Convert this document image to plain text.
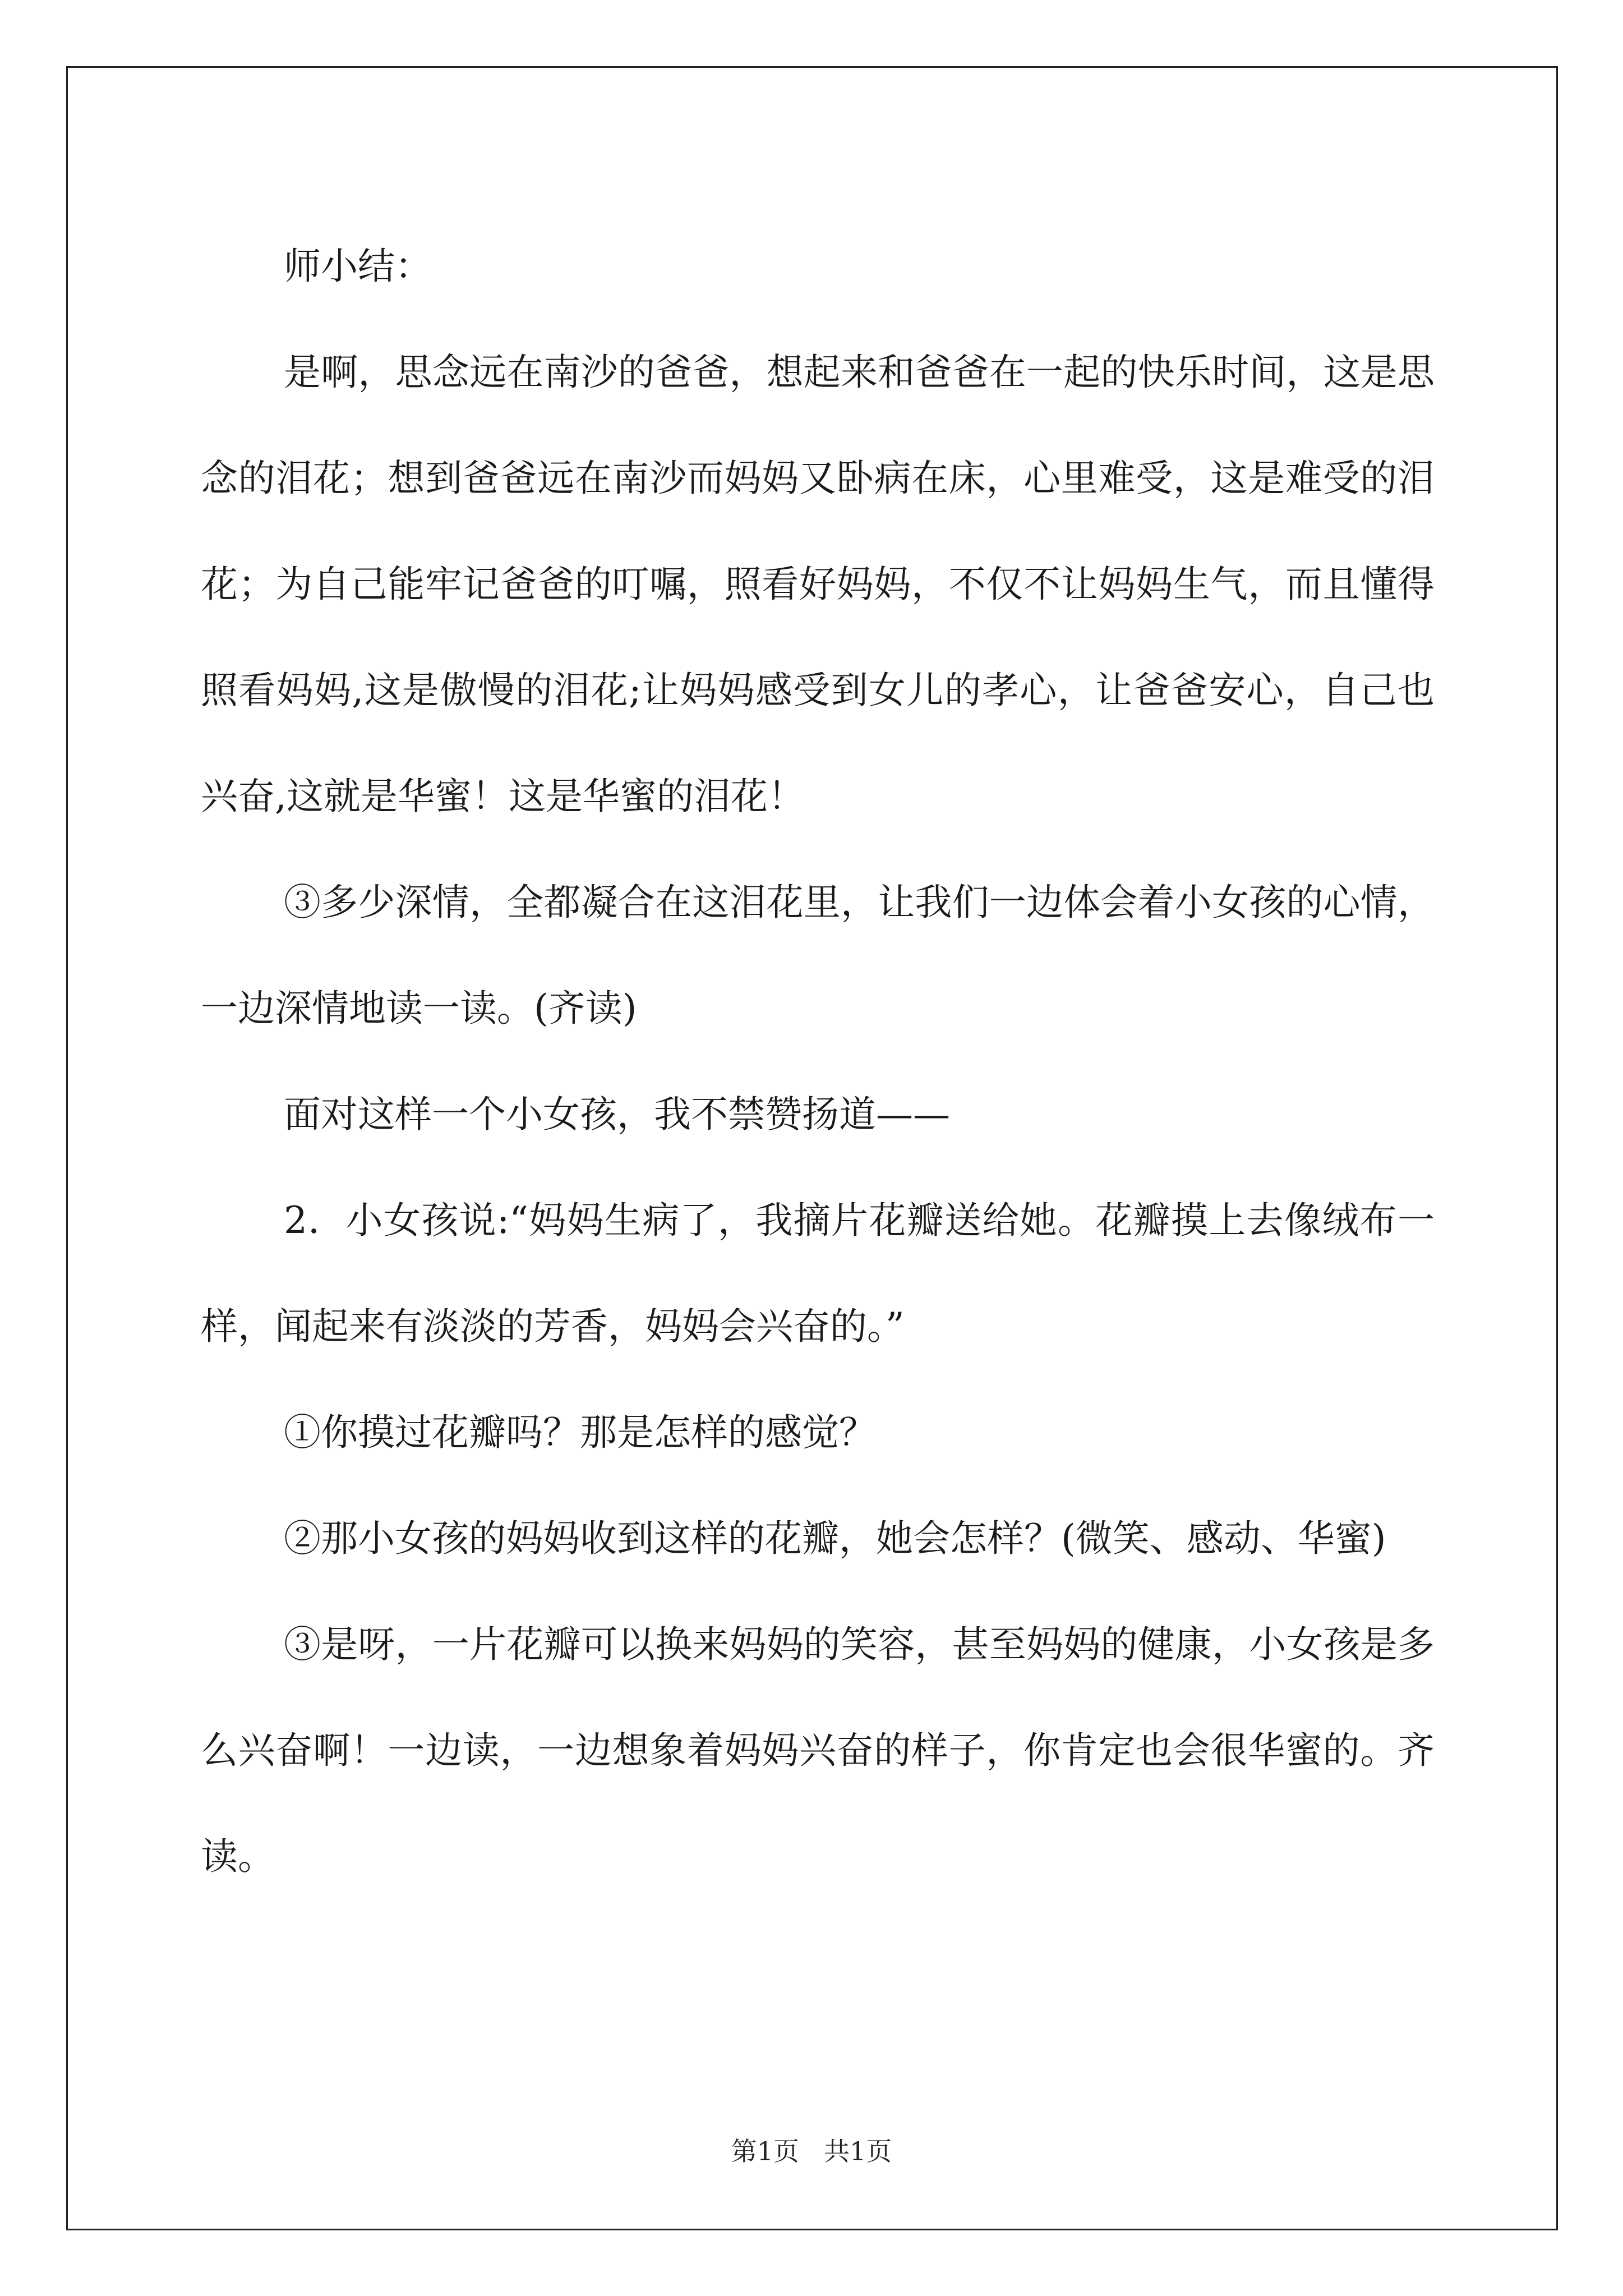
师小结：

是啊，思念远在南沙的爸爸，想起来和爸爸在一起的快乐时间，这是思念的泪花；想到爸爸远在南沙而妈妈又卧病在床，心里难受，这是难受的泪花；为自己能牢记爸爸的叮嘱，照看好妈妈，不仅不让妈妈生气，而且懂得照看妈妈,这是傲慢的泪花;让妈妈感受到女儿的孝心，让爸爸安心，自己也兴奋,这就是华蜜！这是华蜜的泪花！

③多少深情，全都凝合在这泪花里，让我们一边体会着小女孩的心情，一边深情地读一读。(齐读)

面对这样一个小女孩，我不禁赞扬道——

2．小女孩说:“妈妈生病了，我摘片花瓣送给她。花瓣摸上去像绒布一样，闻起来有淡淡的芳香，妈妈会兴奋的。”

①你摸过花瓣吗？那是怎样的感觉？

②那小女孩的妈妈收到这样的花瓣，她会怎样？(微笑、感动、华蜜)

③是呀，一片花瓣可以换来妈妈的笑容，甚至妈妈的健康，小女孩是多么兴奋啊！一边读，一边想象着妈妈兴奋的样子，你肯定也会很华蜜的。齐读。

第1页 共1页
